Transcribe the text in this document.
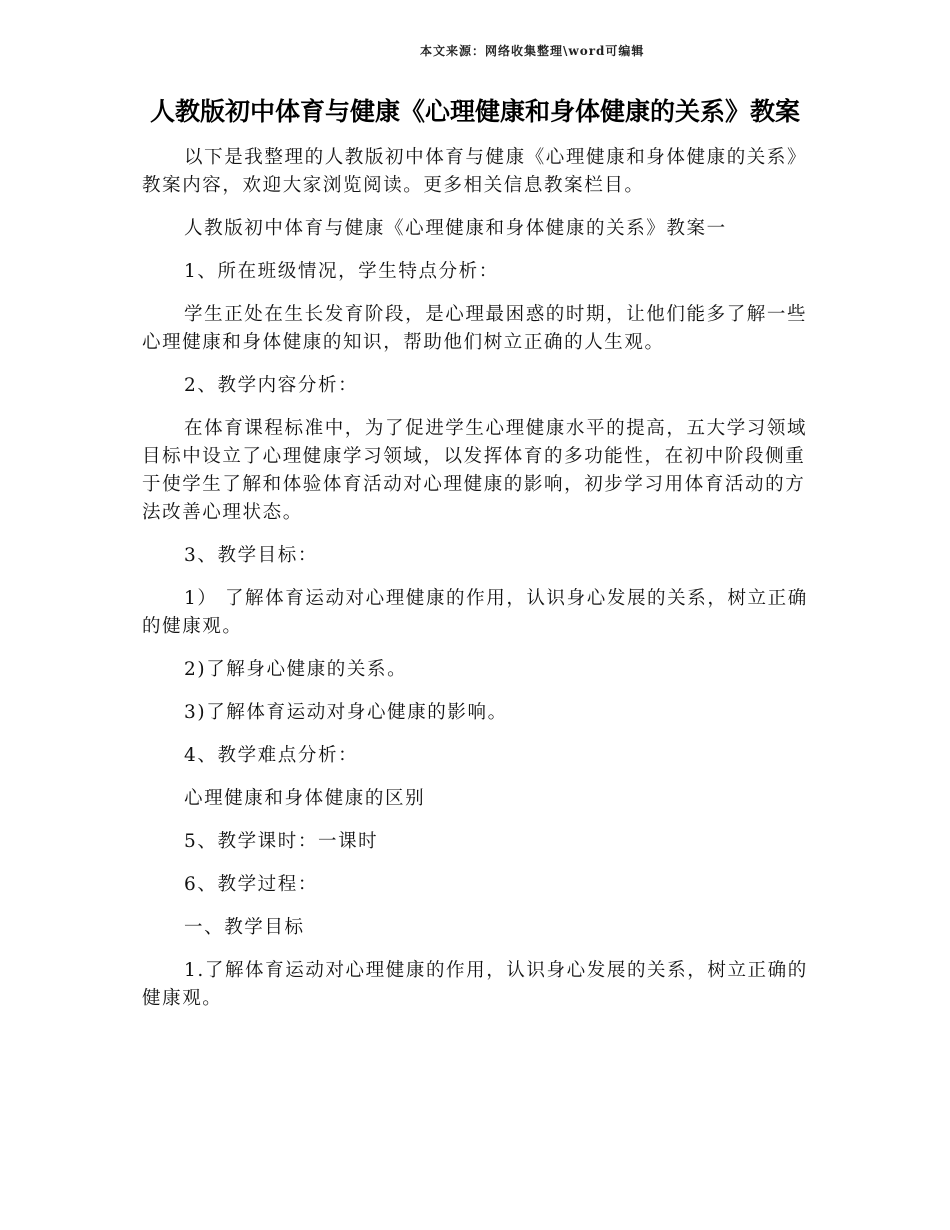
本文来源：网络收集整理\word可编辑
人教版初中体育与健康《心理健康和身体健康的关系》教案

以下是我整理的人教版初中体育与健康《心理健康和身体健康的关系》教案内容，欢迎大家浏览阅读。更多相关信息教案栏目。

人教版初中体育与健康《心理健康和身体健康的关系》教案一

1、所在班级情况，学生特点分析：

学生正处在生长发育阶段，是心理最困惑的时期，让他们能多了解一些心理健康和身体健康的知识，帮助他们树立正确的人生观。

2、教学内容分析：

在体育课程标准中，为了促进学生心理健康水平的提高，五大学习领域目标中设立了心理健康学习领域，以发挥体育的多功能性，在初中阶段侧重于使学生了解和体验体育活动对心理健康的影响，初步学习用体育活动的方法改善心理状态。

3、教学目标：

1） 了解体育运动对心理健康的作用，认识身心发展的关系，树立正确的健康观。

2)了解身心健康的关系。

3)了解体育运动对身心健康的影响。

4、教学难点分析：

心理健康和身体健康的区别

5、教学课时：一课时

6、教学过程：

一、教学目标

1.了解体育运动对心理健康的作用，认识身心发展的关系，树立正确的健康观。
